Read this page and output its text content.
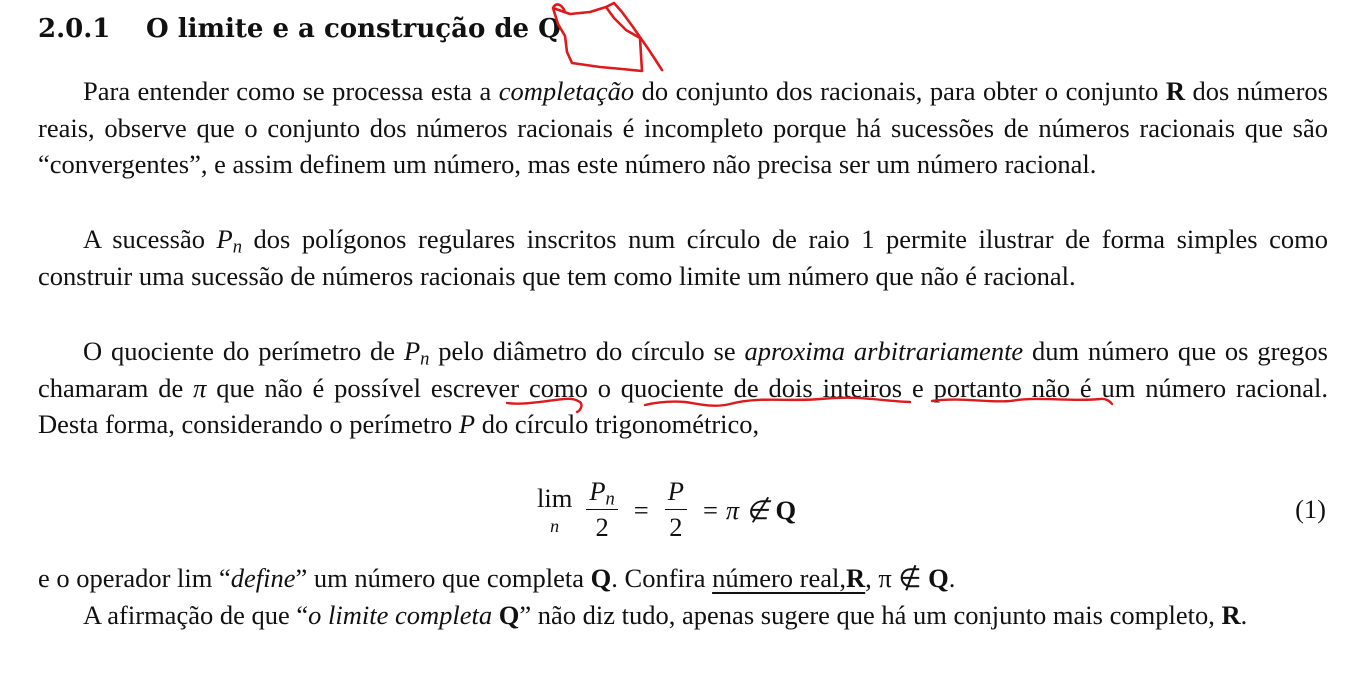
2.0.1 O limite e a construção de Q
Para entender como se processa esta a completação do conjunto dos racionais, para obter o conjunto R dos números reais, observe que o conjunto dos números racionais é incompleto porque há sucessões de números racionais que são “convergentes”, e assim definem um número, mas este número não precisa ser um número racional.
A sucessão $P_n$ dos polígonos regulares inscritos num círculo de raio 1 permite ilustrar de forma simples como construir uma sucessão de números racionais que tem como limite um número que não é racional.
O quociente do perímetro de $P_n$ pelo diâmetro do círculo se aproxima arbitrariamente dum número que os gregos chamaram de π que não é possível escrever como o quociente de dois inteiros e portanto não é um número racional. Desta forma, considerando o perímetro P do círculo trigonométrico,
lim
n $\frac{P_n}{2} = \frac{P}{2} = \pi$ ∉
Q	(1)
e o operador lim “define” um número que completa Q. Confira número real,R, π ∉ Q.
A afirmação de que “o limite completa Q” não diz tudo, apenas sugere que há um conjunto mais completo, R.
